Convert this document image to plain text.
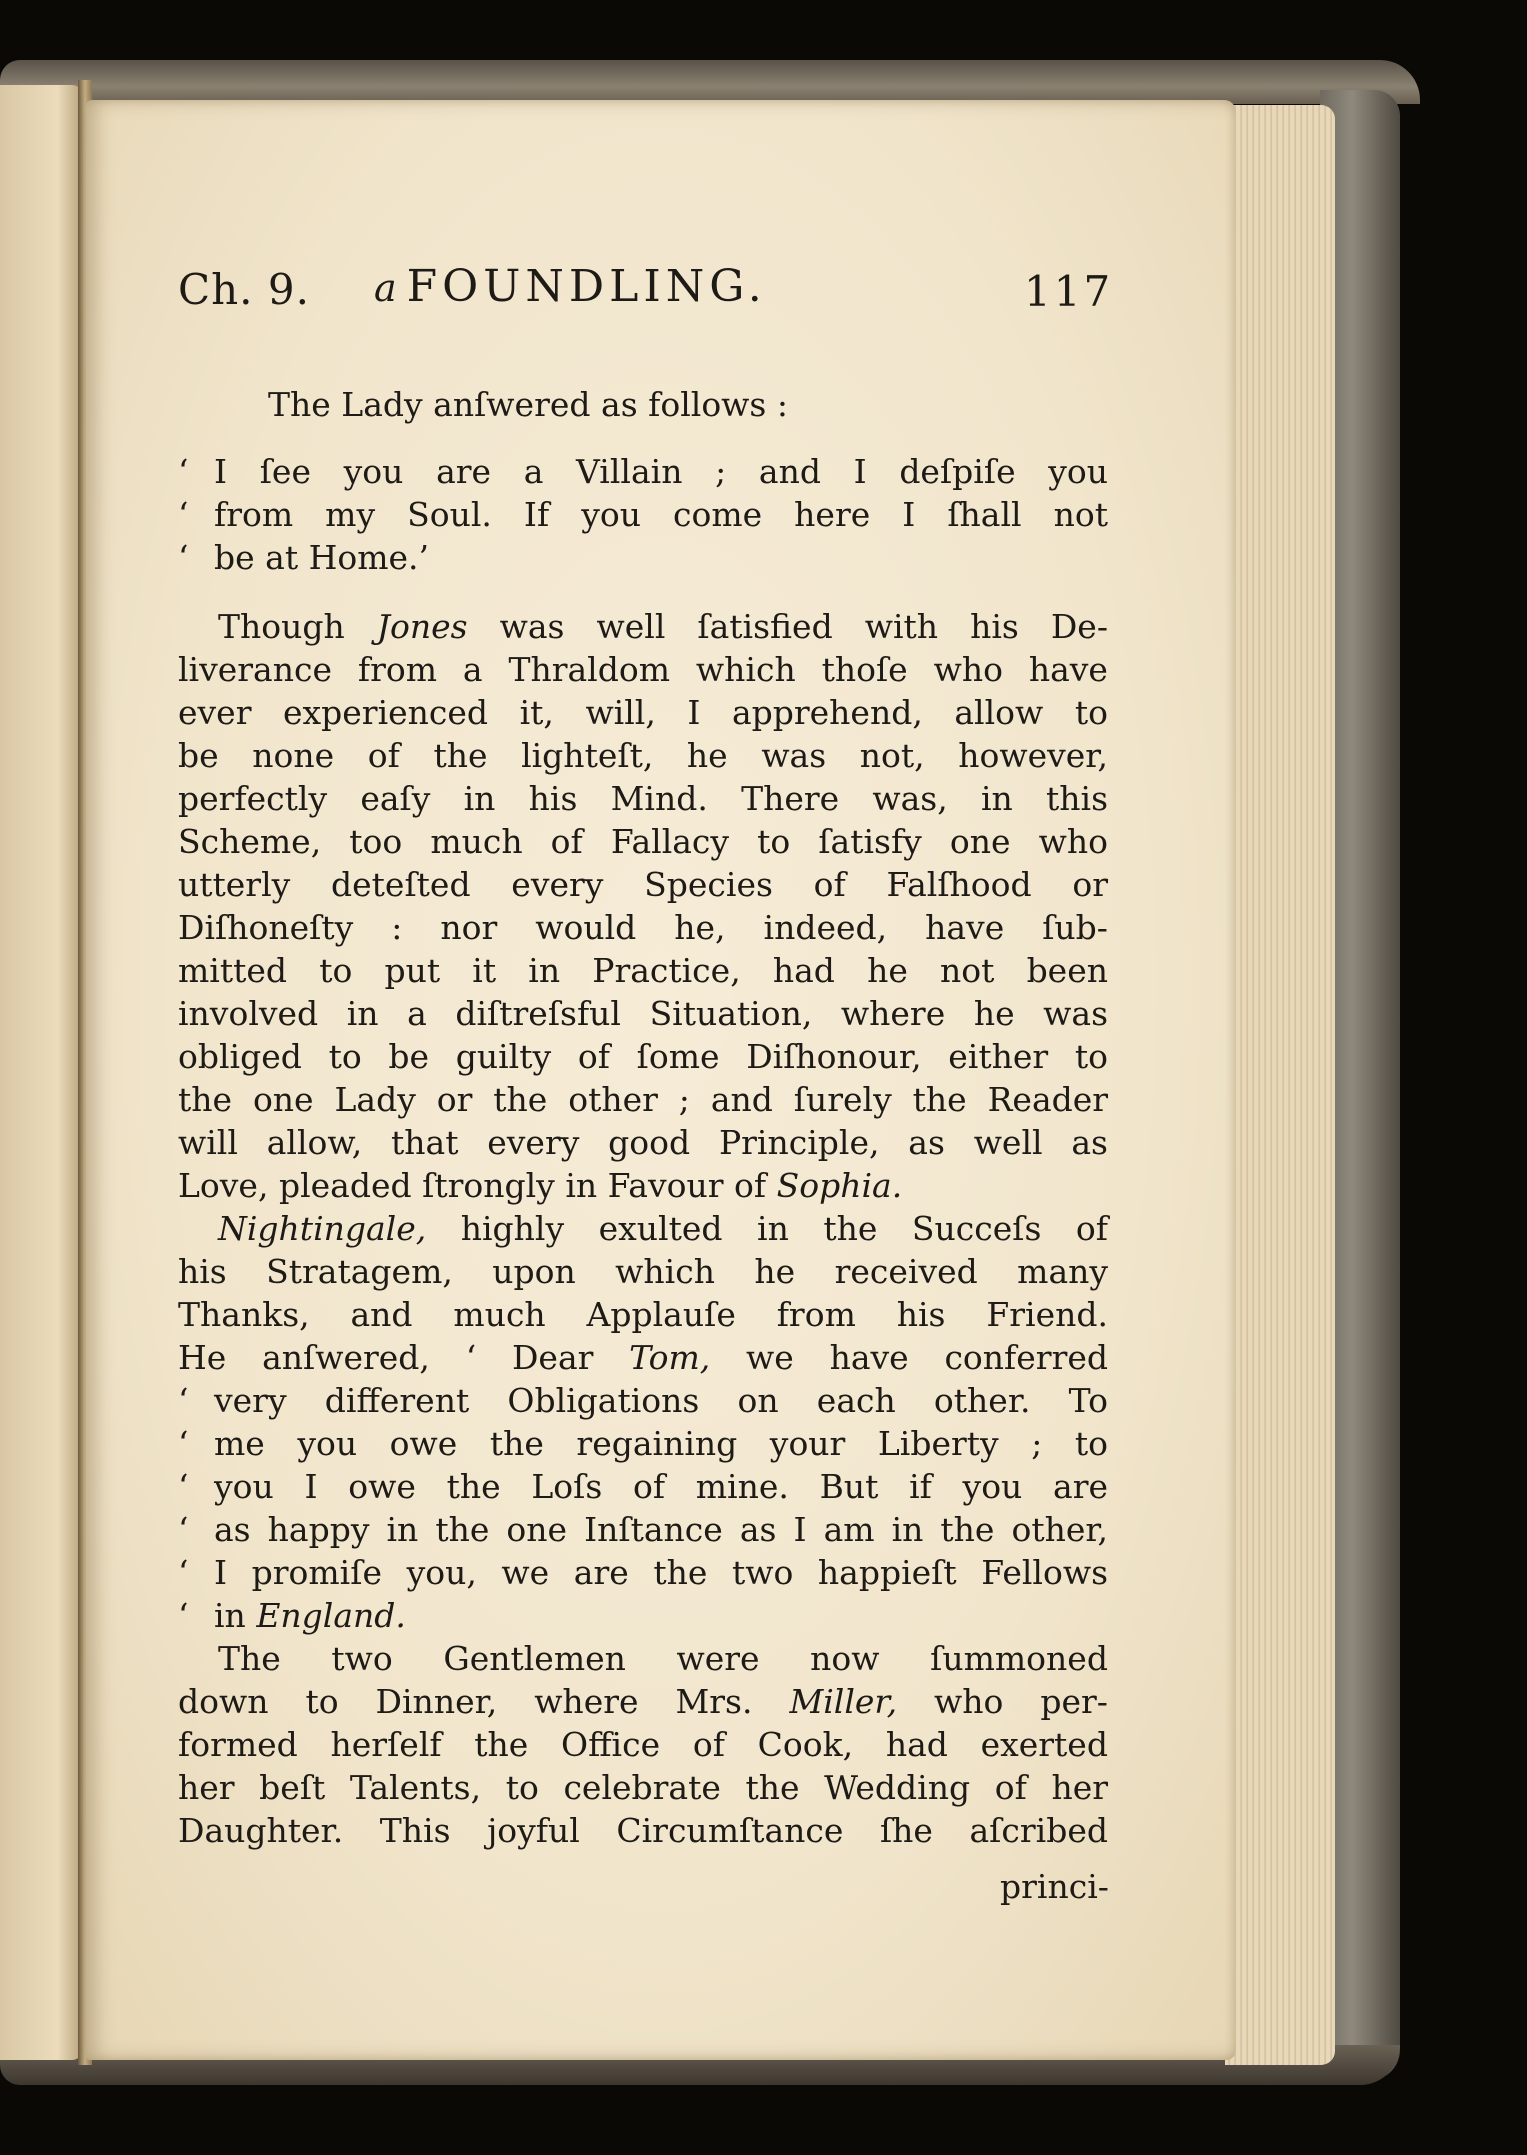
Ch. 9. a FOUNDLING.	117
The Lady anſwered as follows :
‘ I ſee you are a Villain ; and I deſpiſe you
‘ from my Soul. If you come here I ſhall not
‘ be at Home.’
Though Jones was well ſatisfied with his De-
liverance from a Thraldom which thoſe who have
ever experienced it, will, I apprehend, allow to
be none of the lighteſt, he was not, however,
perfectly eaſy in his Mind. There was, in this
Scheme, too much of Fallacy to ſatisfy one who
utterly deteſted every Species of Falſhood or
Diſhoneſty : nor would he, indeed, have ſub-
mitted to put it in Practice, had he not been
involved in a diſtreſsful Situation, where he was
obliged to be guilty of ſome Diſhonour, either to
the one Lady or the other ; and ſurely the Reader
will allow, that every good Principle, as well as
Love, pleaded ſtrongly in Favour of Sophia.
Nightingale, highly exulted in the Succeſs of
his Stratagem, upon which he received many
Thanks, and much Applauſe from his Friend.
He anſwered, ‘ Dear Tom, we have conferred
‘ very different Obligations on each other. To
‘ me you owe the regaining your Liberty ; to
‘ you I owe the Loſs of mine. But if you are
‘ as happy in the one Inſtance as I am in the other,
‘ I promiſe you, we are the two happieſt Fellows
‘ in England.
The two Gentlemen were now ſummoned
down to Dinner, where Mrs. Miller, who per-
formed herſelf the Office of Cook, had exerted
her beſt Talents, to celebrate the Wedding of her
Daughter. This joyful Circumſtance ſhe aſcribed
princi-
